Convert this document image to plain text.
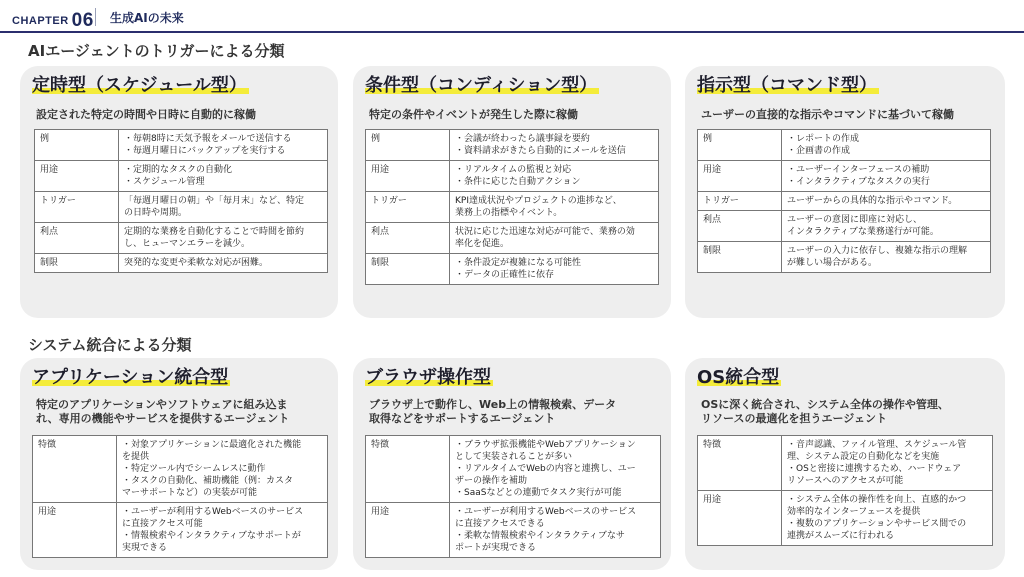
CHAPTER 06 生成AIの未来
AIエージェントのトリガーによる分類
システム統合による分類
定時型（スケジュール型）
設定された特定の時間や日時に自動的に稼働
例	・毎朝8時に天気予報をメールで送信する
・毎週月曜日にバックアップを実行する

用途	・定期的なタスクの自動化
・スケジュール管理

トリガー	「毎週月曜日の朝」や「毎月末」など、特定
の日時や周期。

利点	定期的な業務を自動化することで時間を節約
し、ヒューマンエラーを減少。

制限	突発的な変更や柔軟な対応が困難。
条件型（コンディション型）
特定の条件やイベントが発生した際に稼働
例	・会議が終わったら議事録を要約
・資料請求がきたら自動的にメールを送信

用途	・リアルタイムの監視と対応
・条件に応じた自動アクション

トリガー	KPI達成状況やプロジェクトの進捗など、
業務上の指標やイベント。

利点	状況に応じた迅速な対応が可能で、業務の効
率化を促進。

制限	・条件設定が複雑になる可能性
・データの正確性に依存
指示型（コマンド型）
ユーザーの直接的な指示やコマンドに基づいて稼働
例	・レポートの作成
・企画書の作成

用途	・ユーザーインターフェースの補助
・インタラクティブなタスクの実行

トリガー	ユーザーからの具体的な指示やコマンド。

利点	ユーザーの意図に即座に対応し、
インタラクティブな業務遂行が可能。

制限	ユーザーの入力に依存し、複雑な指示の理解
が難しい場合がある。
アプリケーション統合型
特定のアプリケーションやソフトウェアに組み込ま
れ、専用の機能やサービスを提供するエージェント
特徴	・対象アプリケーションに最適化された機能
を提供
・特定ツール内でシームレスに動作
・タスクの自動化、補助機能（例：カスタ
マーサポートなど）の実装が可能

用途	・ユーザーが利用するWebベースのサービス
に直接アクセス可能
・情報検索やインタラクティブなサポートが
実現できる
ブラウザ操作型
ブラウザ上で動作し、Web上の情報検索、データ
取得などをサポートするエージェント
特徴	・ブラウザ拡張機能やWebアプリケーション
として実装されることが多い
・リアルタイムでWebの内容と連携し、ユー
ザーの操作を補助
・SaaSなどとの連動でタスク実行が可能

用途	・ユーザーが利用するWebベースのサービス
に直接アクセスできる
・柔軟な情報検索やインタラクティブなサ
ポートが実現できる
OS統合型
OSに深く統合され、システム全体の操作や管理、
リソースの最適化を担うエージェント
特徴	・音声認識、ファイル管理、スケジュール管
理、システム設定の自動化などを実施
・OSと密接に連携するため、ハードウェア
リソースへのアクセスが可能

用途	・システム全体の操作性を向上、直感的かつ
効率的なインターフェースを提供
・複数のアプリケーションやサービス間での
連携がスムーズに行われる
